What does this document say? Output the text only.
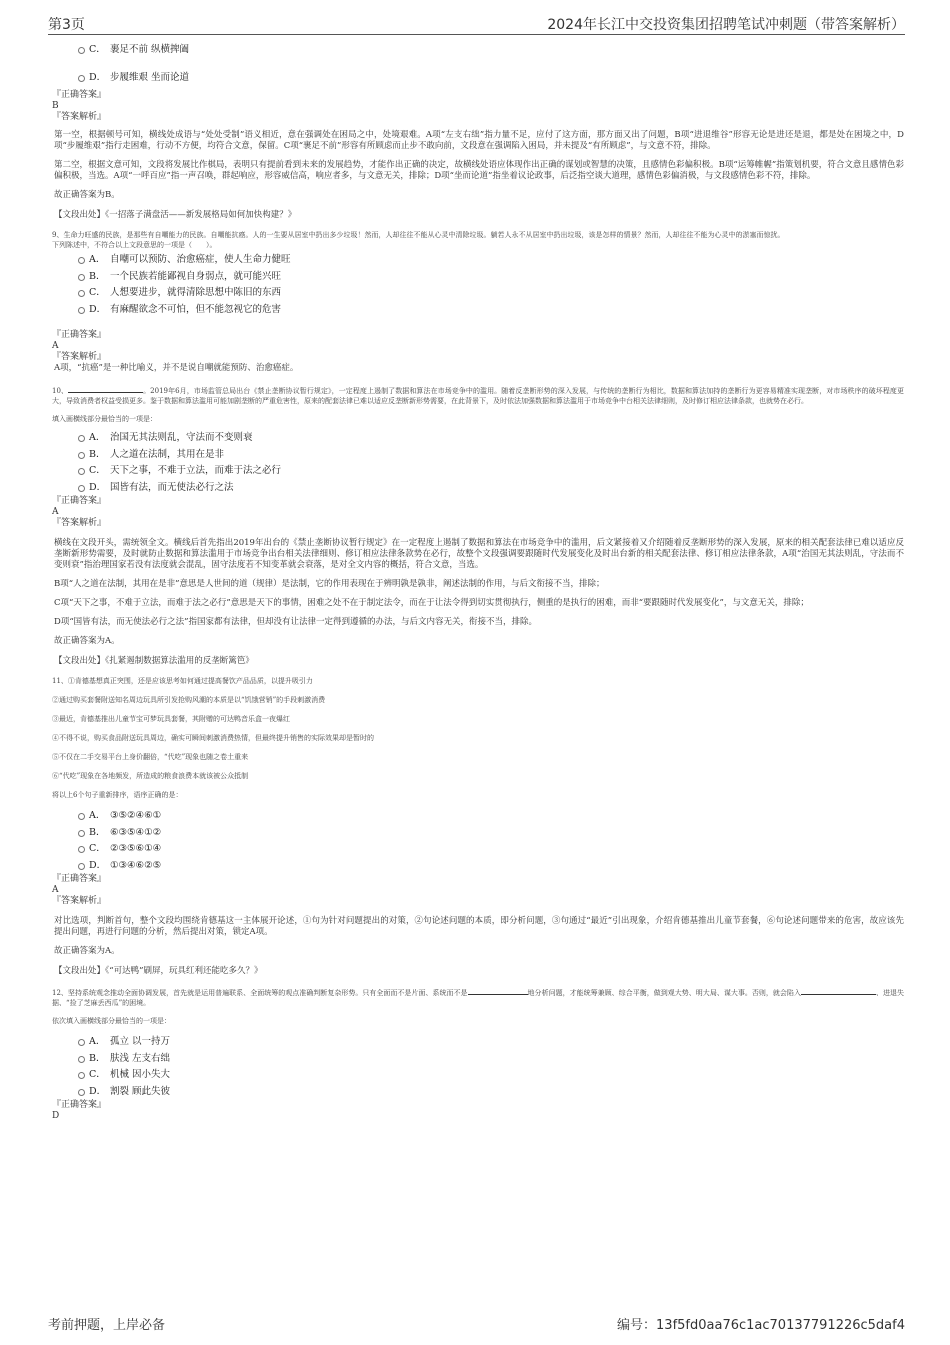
第3页	2024年长江中交投资集团招聘笔试冲刺题（带答案解析）
C． 裹足不前 纵横捭阖
D． 步履维艰 坐而论道
『正确答案』
B
『答案解析』
第一空，根据顿号可知，横线处成语与“处处受制”语义相近，意在强调处在困局之中，处境艰难。A项“左支右绌”指力量不足，应付了这方面，那方面又出了问题，B项“进退维谷”形容无论是进还是退，都是处在困境之中，D项“步履维艰”指行走困难，行动不方便，均符合文意，保留。C项“裹足不前”形容有所顾虑而止步不敢向前，文段意在强调陷入困局，并未提及“有所顾虑”，与文意不符，排除。
第二空，根据文意可知，文段将发展比作棋局，表明只有提前看到未来的发展趋势，才能作出正确的决定，故横线处语应体现作出正确的谋划或智慧的决策，且感情色彩偏积极。B项“运筹帷幄”指策划机要，符合文意且感情色彩偏积极，当选。A项“一呼百应”指一声召唤，群起响应，形容威信高，响应者多，与文意无关，排除；D项“坐而论道”指坐着议论政事，后泛指空谈大道理，感情色彩偏消极，与文段感情色彩不符，排除。
故正确答案为B。
【文段出处】《一招落子满盘活——新发展格局如何加快构建？》
9、生命力旺盛的民族，是那些有自嘲能力的民族。自嘲能抗癌。人的一生要从居室中扔出多少垃圾！然而，人却往往不能从心灵中清除垃圾。躺若人永不从居室中扔出垃圾，该是怎样的情景？然而，人却往往不能为心灵中的淤塞而惊扰。
下列陈述中，不符合以上文段意思的一项是（　　）。
A． 自嘲可以预防、治愈癌症，使人生命力健旺
B． 一个民族若能鄙视自身弱点，就可能兴旺
C． 人想要进步，就得清除思想中陈旧的东西
D． 有麻醒欲念不可怕，但不能忽视它的危害
『正确答案』
A
『答案解析』
A项，“抗癌”是一种比喻义，并不是说自嘲就能预防、治愈癌症。
10、	。2019年6月，市场监管总局出台《禁止垄断协议暂行规定》，一定程度上遏制了数据和算法在市场竞争中的滥用。随着反垄断形势的深入发展，与传统的垄断行为相比，数据和算法加持的垄断行为更容易精准实现垄断，对市场秩序的破坏程度更大，导致消费者权益受损更多。鉴于数据和算法滥用可能加剧垄断的严重危害性，原来的配套法律已难以适应反垄断新形势需要，在此背景下，及时依法加强数据和算法滥用于市场竞争中台相关法律细则，及时修订相应法律条款，也就势在必行。
填入画横线部分最恰当的一项是：
A． 治国无其法则乱，守法而不变则衰
B． 人之道在法制，其用在是非
C． 天下之事，不难于立法，而难于法之必行
D． 国皆有法，而无使法必行之法
『正确答案』
A
『答案解析』
横线在文段开头，需统领全文。横线后首先指出2019年出台的《禁止垄断协议暂行规定》在一定程度上遏制了数据和算法在市场竞争中的滥用，后文紧接着又介绍随着反垄断形势的深入发展，原来的相关配套法律已难以适应反垄断新形势需要，及时就防止数据和算法滥用于市场竞争出台相关法律细则、修订相应法律条款势在必行，故整个文段强调要跟随时代发展变化及时出台新的相关配套法律、修订相应法律条款，A项“治国无其法则乱，守法而不变则衰”指治理国家若没有法度就会混乱，固守法度若不知变革就会衰落，是对全文内容的概括，符合文意，当选。
B项“人之道在法制，其用在是非”意思是人世间的道（规律）是法制，它的作用表现在于辨明孰是孰非，阐述法制的作用，与后文衔接不当，排除；
C项“天下之事，不难于立法，而难于法之必行”意思是天下的事情，困难之处不在于制定法令，而在于让法令得到切实贯彻执行，侧重的是执行的困难，而非“要跟随时代发展变化”，与文意无关，排除；
D项“国皆有法，而无使法必行之法”指国家都有法律，但却没有让法律一定得到遵循的办法，与后文内容无关，衔接不当，排除。
故正确答案为A。
【文段出处】《扎紧遏制数据算法滥用的反垄断篱笆》
11、①肯德基想真正突围，还是应该思考如何通过提高餐饮产品品质，以提升吸引力
②通过购买套餐附送知名周边玩具所引发抢购风潮的本质是以“饥饿营销”的手段刺激消费
③最近，肯德基推出儿童节宝可梦玩具套餐，其附赠的可达鸭音乐盒一夜爆红
④不得不说，购买食品附送玩具周边，确实可瞬间刺激消费热情，但最终提升销售的实际效果却是暂时的
⑤不仅在二手交易平台上身价翻倍，“代吃”现象也随之卷土重来
⑥“代吃”现象在各地频发，所造成的粮食浪费本就该被公众抵制
将以上6个句子重新排序，语序正确的是：
A． ③⑤②④⑥①
B． ⑥③⑤④①②
C． ②③⑤⑥①④
D． ①③④⑥②⑤
『正确答案』
A
『答案解析』
对比选项，判断首句，整个文段均围绕肯德基这一主体展开论述，①句为针对问题提出的对策，②句论述问题的本质，即分析问题，③句通过“最近”引出现象，介绍肯德基推出儿童节套餐，⑥句论述问题带来的危害，故应该先提出问题，再进行问题的分析，然后提出对策，锁定A项。
故正确答案为A。
【文段出处】《“可达鸭”刷屏，玩具红利还能吃多久？》
12、坚持系统观念推动全面协调发展，首先就是运用普遍联系、全面统筹的观点准确判断复杂形势。只有全面而不是片面、系统而不是	地分析问题，才能统筹兼顾、综合平衡，做到观大势、明大局、谋大事。否则，就会陷入	、进退失据、“捡了芝麻丢西瓜”的困境。
依次填入画横线部分最恰当的一项是：
A． 孤立 以一持万
B． 肤浅 左支右绌
C． 机械 因小失大
D． 割裂 顾此失彼
『正确答案』
D
考前押题，上岸必备	编号：13f5fd0aa76c1ac70137791226c5daf4
